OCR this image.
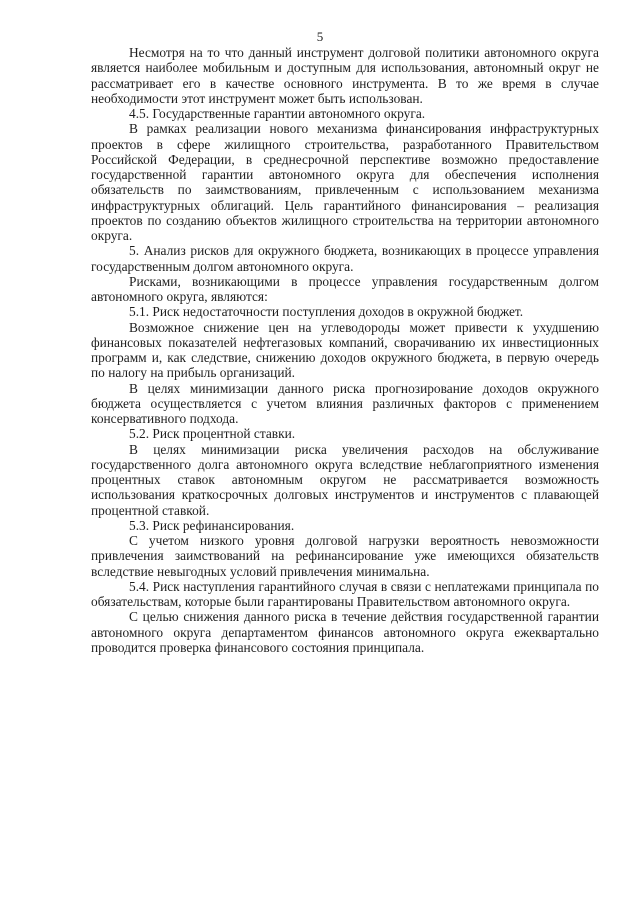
5

Несмотря на то что данный инструмент долговой политики автономного округа является наиболее мобильным и доступным для использования, автономный округ не рассматривает его в качестве основного инструмента. В то же время в случае необходимости этот инструмент может быть использован.

4.5. Государственные гарантии автономного округа.

В рамках реализации нового механизма финансирования инфраструктурных проектов в сфере жилищного строительства, разработанного Правительством Российской Федерации, в среднесрочной перспективе возможно предоставление государственной гарантии автономного округа для обеспечения исполнения обязательств по заимствованиям, привлеченным с использованием механизма инфраструктурных облигаций. Цель гарантийного финансирования – реализация проектов по созданию объектов жилищного строительства на территории автономного округа.

5. Анализ рисков для окружного бюджета, возникающих в процессе управления государственным долгом автономного округа.

Рисками, возникающими в процессе управления государственным долгом автономного округа, являются:

5.1. Риск недостаточности поступления доходов в окружной бюджет.

Возможное снижение цен на углеводороды может привести к ухудшению финансовых показателей нефтегазовых компаний, сворачиванию их инвестиционных программ и, как следствие, снижению доходов окружного бюджета, в первую очередь по налогу на прибыль организаций.

В целях минимизации данного риска прогнозирование доходов окружного бюджета осуществляется с учетом влияния различных факторов с применением консервативного подхода.

5.2. Риск процентной ставки.

В целях минимизации риска увеличения расходов на обслуживание государственного долга автономного округа вследствие неблагоприятного изменения процентных ставок автономным округом не рассматривается возможность использования краткосрочных долговых инструментов и инструментов с плавающей процентной ставкой.

5.3. Риск рефинансирования.

С учетом низкого уровня долговой нагрузки вероятность невозможности привлечения заимствований на рефинансирование уже имеющихся обязательств вследствие невыгодных условий привлечения минимальна.

5.4. Риск наступления гарантийного случая в связи с неплатежами принципала по обязательствам, которые были гарантированы Правительством автономного округа.

С целью снижения данного риска в течение действия государственной гарантии автономного округа департаментом финансов автономного округа ежеквартально проводится проверка финансового состояния принципала.
